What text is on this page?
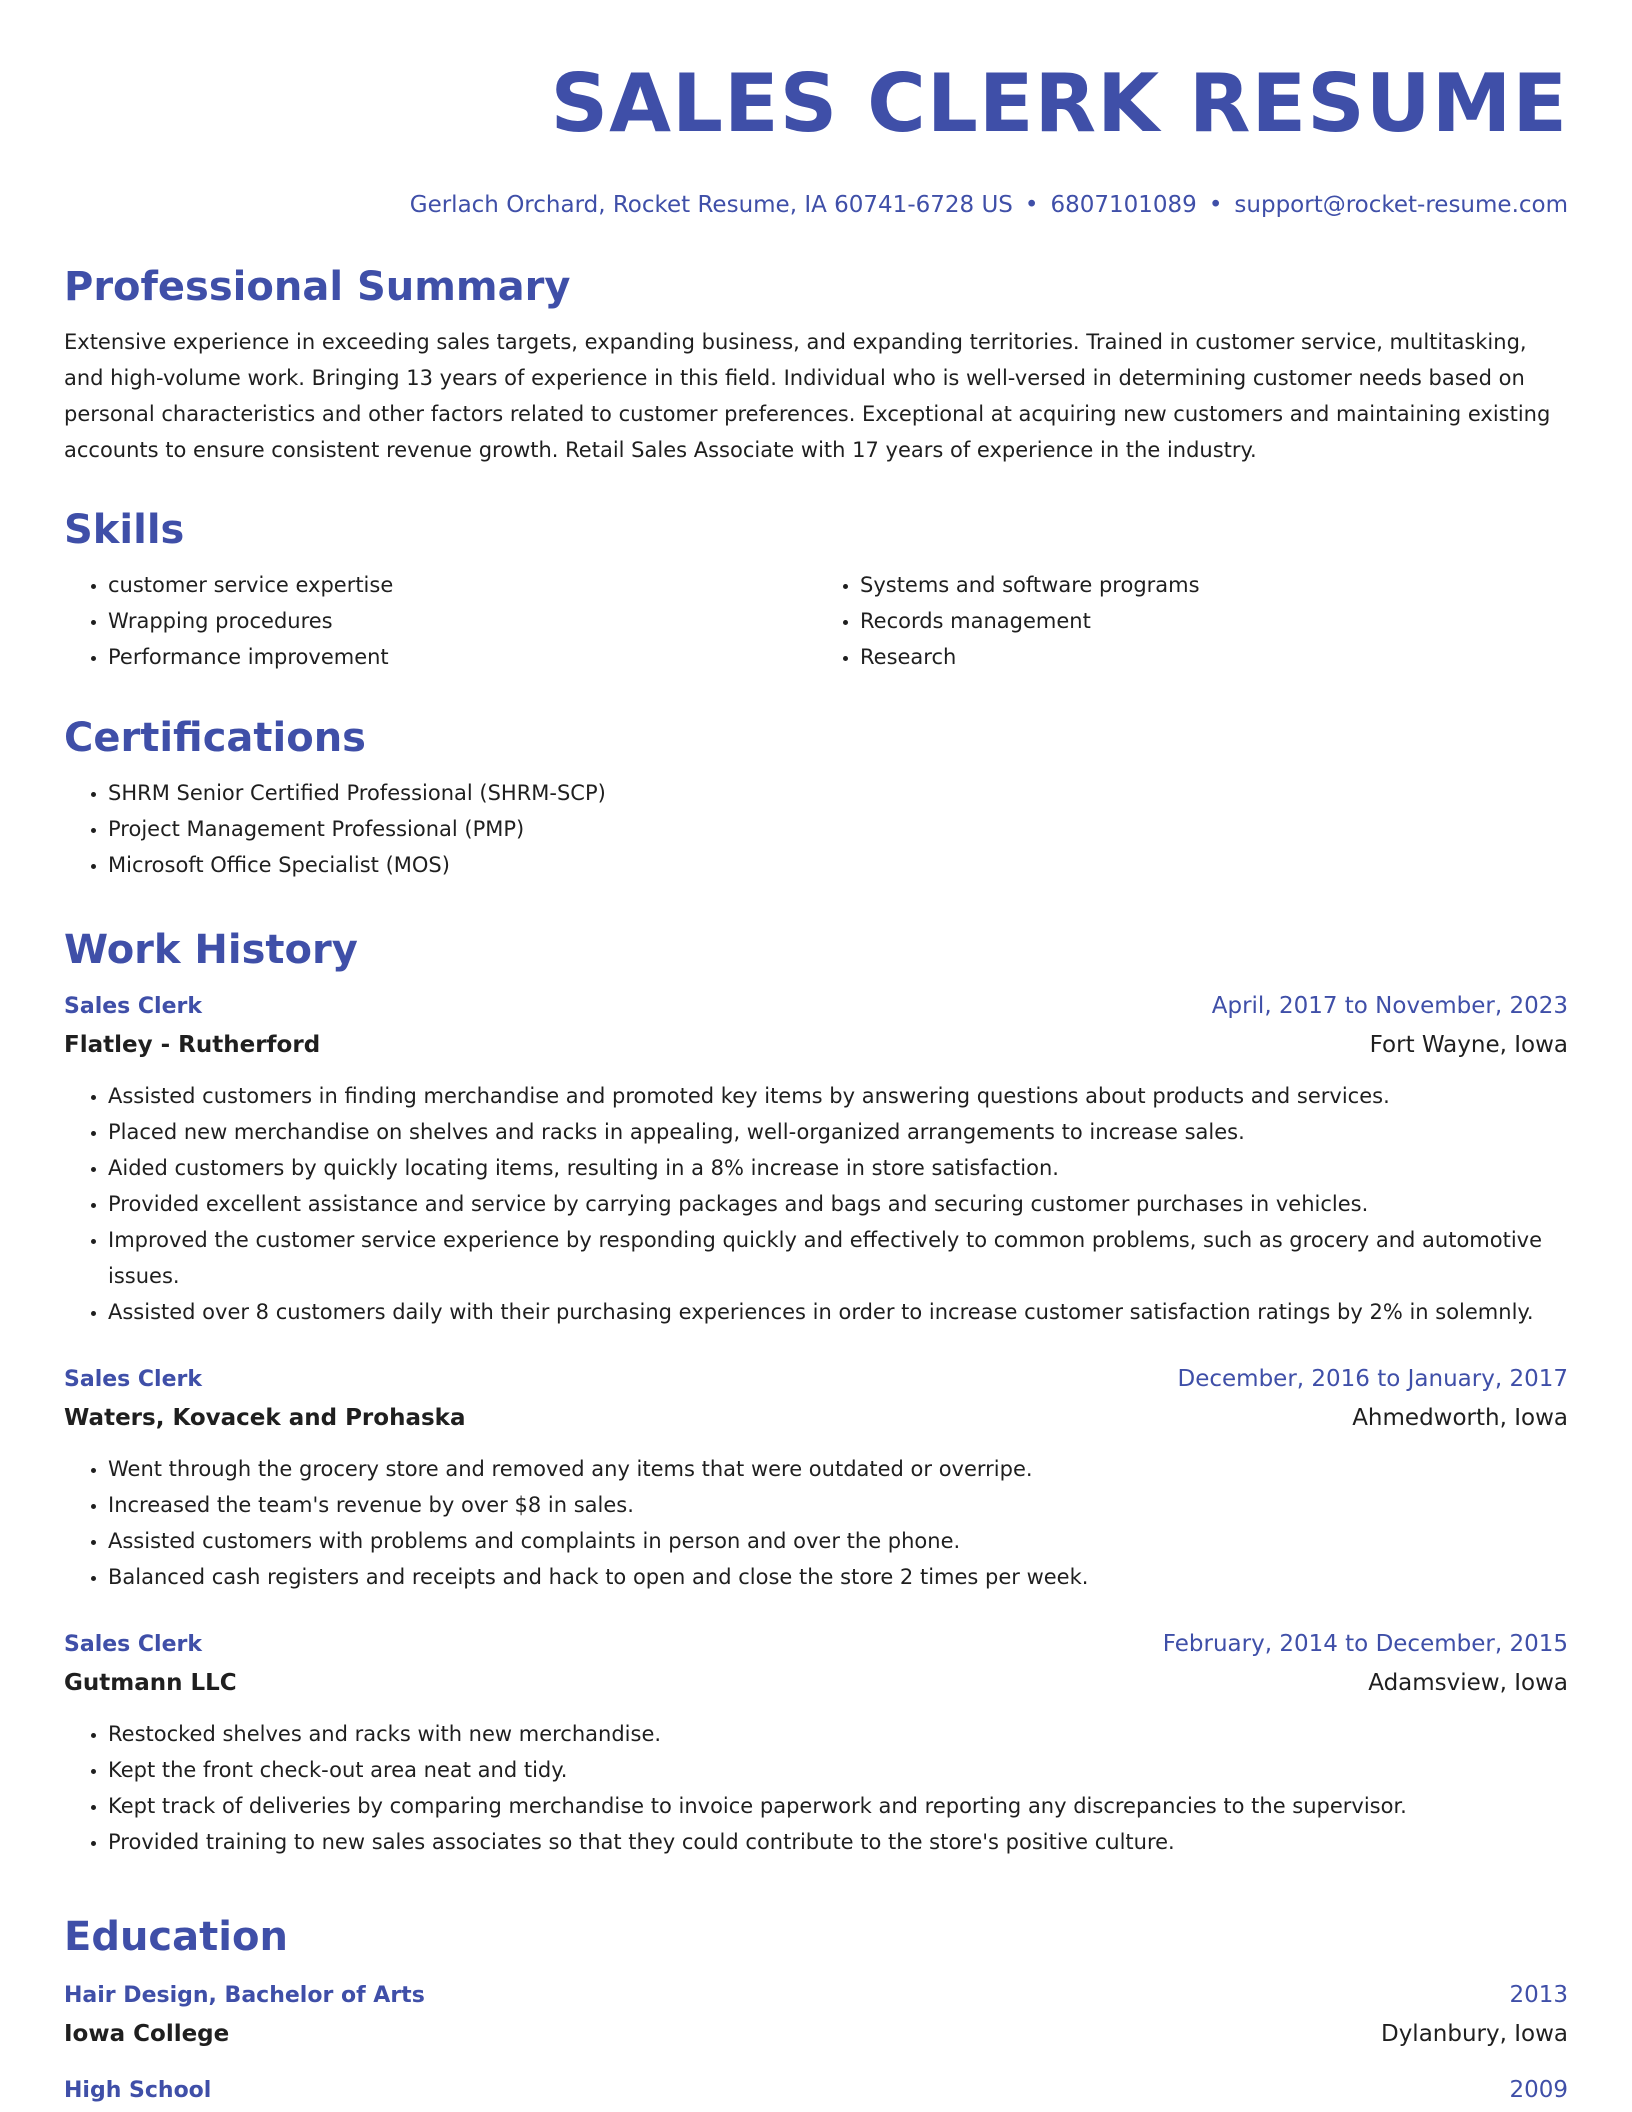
SALES CLERK RESUME
Gerlach Orchard, Rocket Resume, IA 60741-6728 US • 6807101089 • support@rocket-resume.com
Professional Summary

Extensive experience in exceeding sales targets, expanding business, and expanding territories. Trained in customer service, multitasking, and high-volume work. Bringing 13 years of experience in this field. Individual who is well-versed in determining customer needs based on personal characteristics and other factors related to customer preferences. Exceptional at acquiring new customers and maintaining existing accounts to ensure consistent revenue growth. Retail Sales Associate with 17 years of experience in the industry.

Skills
• customer service expertise
• Wrapping procedures
• Performance improvement
• Systems and software programs
• Records management
• Research
Certifications
• SHRM Senior Certified Professional (SHRM-SCP)
• Project Management Professional (PMP)
• Microsoft Office Specialist (MOS)
Work History
Sales Clerk	April, 2017 to November, 2023
Flatley - Rutherford	Fort Wayne, Iowa
• Assisted customers in finding merchandise and promoted key items by answering questions about products and services.
• Placed new merchandise on shelves and racks in appealing, well-organized arrangements to increase sales.
• Aided customers by quickly locating items, resulting in a 8% increase in store satisfaction.
• Provided excellent assistance and service by carrying packages and bags and securing customer purchases in vehicles.
• Improved the customer service experience by responding quickly and effectively to common problems, such as grocery and automotive issues.
• Assisted over 8 customers daily with their purchasing experiences in order to increase customer satisfaction ratings by 2% in solemnly.
Sales Clerk	December, 2016 to January, 2017
Waters, Kovacek and Prohaska	Ahmedworth, Iowa
• Went through the grocery store and removed any items that were outdated or overripe.
• Increased the team's revenue by over $8 in sales.
• Assisted customers with problems and complaints in person and over the phone.
• Balanced cash registers and receipts and hack to open and close the store 2 times per week.
Sales Clerk	February, 2014 to December, 2015
Gutmann LLC	Adamsview, Iowa
• Restocked shelves and racks with new merchandise.
• Kept the front check-out area neat and tidy.
• Kept track of deliveries by comparing merchandise to invoice paperwork and reporting any discrepancies to the supervisor.
• Provided training to new sales associates so that they could contribute to the store's positive culture.
Education
Hair Design, Bachelor of Arts	2013
Iowa College	Dylanbury, Iowa
High School	2009
